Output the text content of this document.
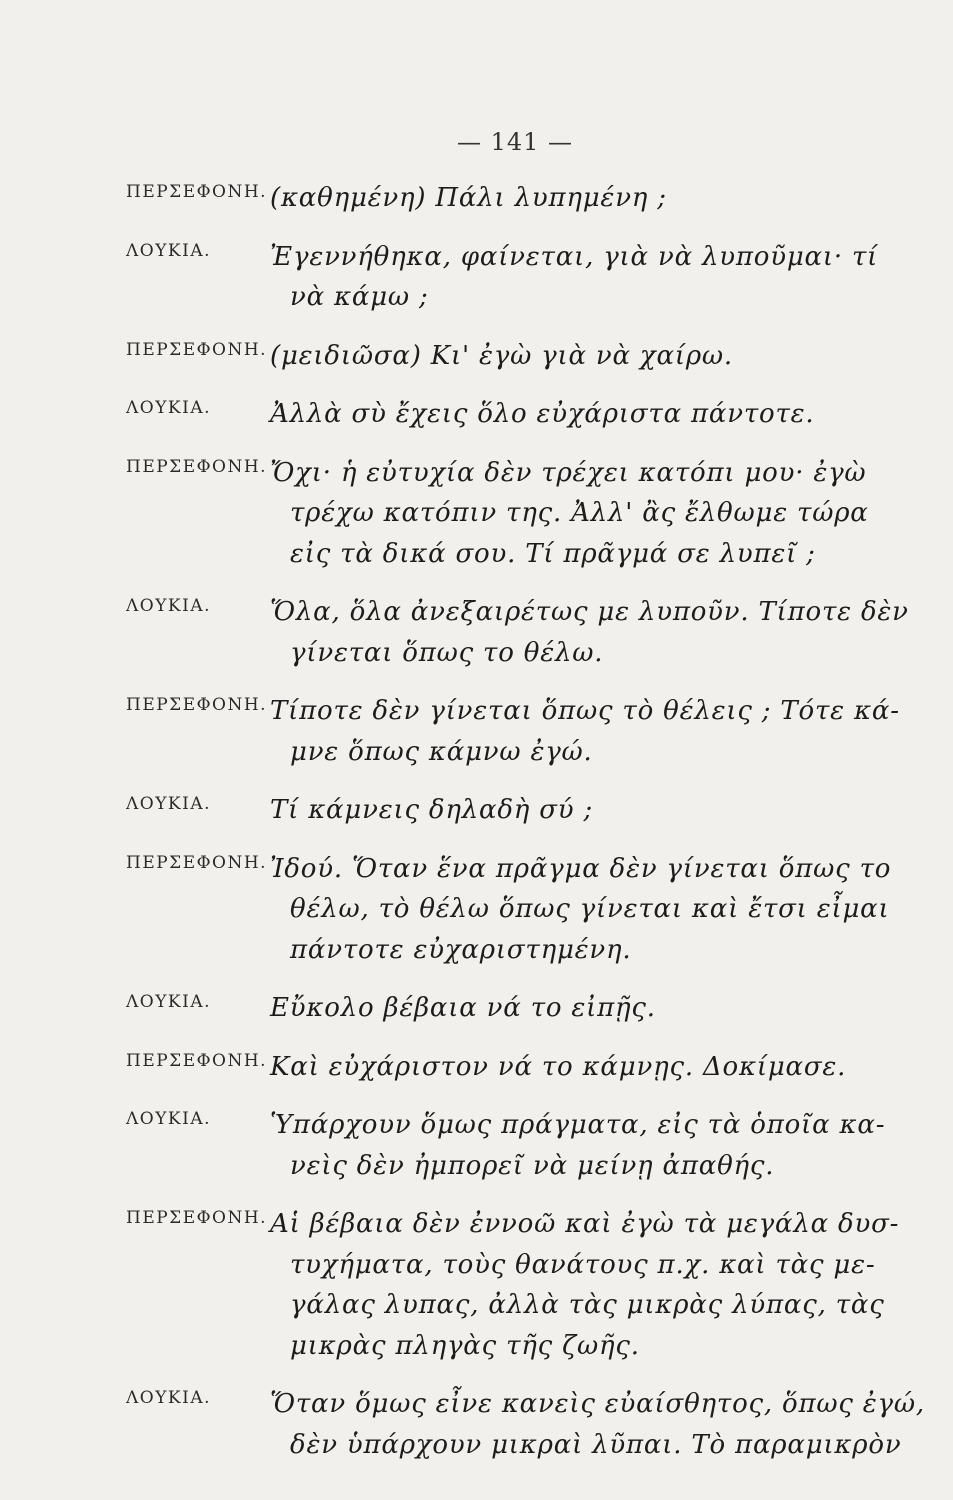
— 141 —
ΠΕΡΣΕΦΟΝΗ. (καθημένη) Πάλι λυπημένη ;
ΛΟΥΚΙΑ. Ἐγεννήθηκα, φαίνεται, γιὰ νὰ λυποῦμαι· τί
νὰ κάμω ;
ΠΕΡΣΕΦΟΝΗ. (μειδιῶσα) Κι' ἐγὼ γιὰ νὰ χαίρω.
ΛΟΥΚΙΑ. Ἀλλὰ σὺ ἔχεις ὅλο εὐχάριστα πάντοτε.
ΠΕΡΣΕΦΟΝΗ. Ὄχι· ἡ εὐτυχία δὲν τρέχει κατόπι μου· ἐγὼ
τρέχω κατόπιν της. Ἀλλ' ἂς ἔλθωμε τώρα
εἰς τὰ δικά σου. Τί πρᾶγμά σε λυπεῖ ;
ΛΟΥΚΙΑ. Ὅλα, ὅλα ἀνεξαιρέτως με λυποῦν. Τίποτε δὲν
γίνεται ὅπως το θέλω.
ΠΕΡΣΕΦΟΝΗ. Τίποτε δὲν γίνεται ὅπως τὸ θέλεις ; Τότε κά-
μνε ὅπως κάμνω ἐγώ.
ΛΟΥΚΙΑ. Τί κάμνεις δηλαδὴ σύ ;
ΠΕΡΣΕΦΟΝΗ. Ἰδού. Ὅταν ἕνα πρᾶγμα δὲν γίνεται ὅπως το
θέλω, τὸ θέλω ὅπως γίνεται καὶ ἔτσι εἶμαι
πάντοτε εὐχαριστημένη.
ΛΟΥΚΙΑ. Εὔκολο βέβαια νά το εἰπῇς.
ΠΕΡΣΕΦΟΝΗ. Καὶ εὐχάριστον νά το κάμνῃς. Δοκίμασε.
ΛΟΥΚΙΑ. Ὑπάρχουν ὅμως πράγματα, εἰς τὰ ὁποῖα κα-
νεὶς δὲν ἠμπορεῖ νὰ μείνῃ ἀπαθής.
ΠΕΡΣΕΦΟΝΗ. Αἱ βέβαια δὲν ἐννοῶ καὶ ἐγὼ τὰ μεγάλα δυσ-
τυχήματα, τοὺς θανάτους π.χ. καὶ τὰς με-
γάλας λυπας, ἀλλὰ τὰς μικρὰς λύπας, τὰς
μικρὰς πληγὰς τῆς ζωῆς.
ΛΟΥΚΙΑ. Ὅταν ὅμως εἶνε κανεὶς εὐαίσθητος, ὅπως ἐγώ,
δὲν ὑπάρχουν μικραὶ λῦπαι. Τὸ παραμικρὸν
